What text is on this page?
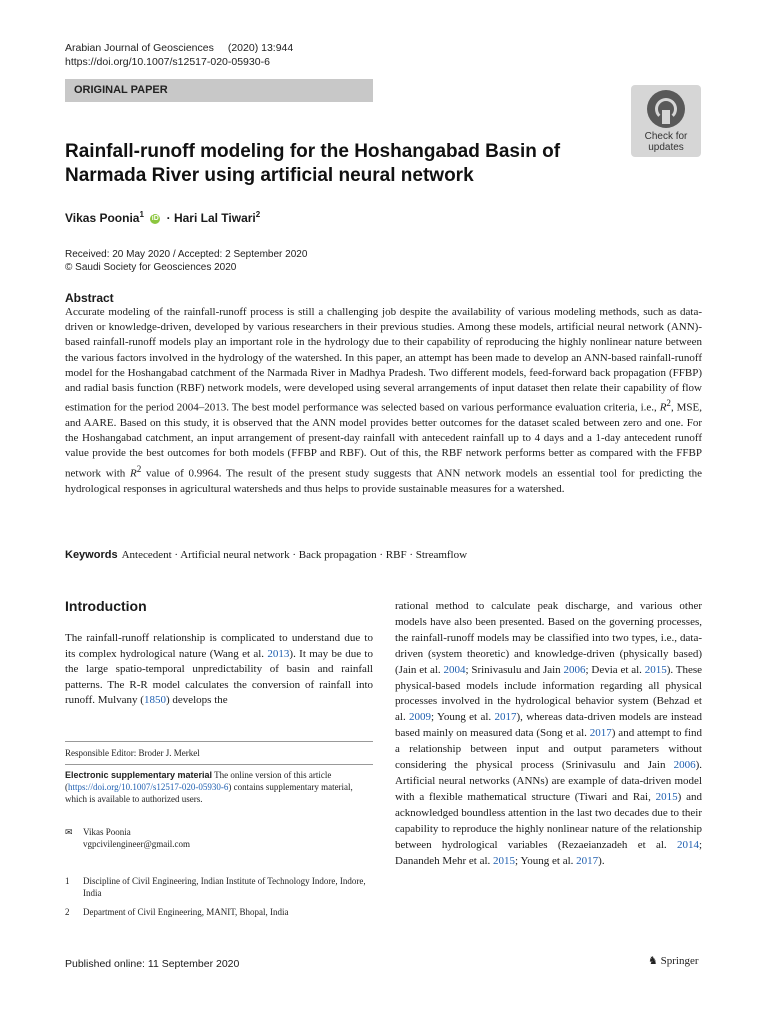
Arabian Journal of Geosciences (2020) 13:944
https://doi.org/10.1007/s12517-020-05930-6
ORIGINAL PAPER
Check for
updates
Rainfall-runoff modeling for the Hoshangabad Basin of Narmada River using artificial neural network
Vikas Poonia$^1$ iD · Hari Lal Tiwari$^2$
Received: 20 May 2020 / Accepted: 2 September 2020
© Saudi Society for Geosciences 2020
Abstract
Accurate modeling of the rainfall-runoff process is still a challenging job despite the availability of various modeling methods, such as data-driven or knowledge-driven, developed by various researchers in their previous studies. Among these models, artificial neural network (ANN)-based rainfall-runoff models play an important role in the hydrology due to their capability of reproducing the highly nonlinear nature between the various factors involved in the hydrology of the watershed. In this paper, an attempt has been made to develop an ANN-based rainfall-runoff model for the Hoshangabad catchment of the Narmada River in Madhya Pradesh. Two different models, feed-forward back propagation (FFBP) and radial basis function (RBF) network models, were developed using several arrangements of input dataset then relate their capability of flow estimation for the period 2004–2013. The best model performance was selected based on various performance evaluation criteria, i.e., $R^2$, MSE, and AARE. Based on this study, it is observed that the ANN model provides better outcomes for the dataset scaled between zero and one. For the Hoshangabad catchment, an input arrangement of present-day rainfall with antecedent rainfall up to 4 days and a 1-day antecedent runoff value provide the best outcomes for both models (FFBP and RBF). Out of this, the RBF network performs better as compared with the FFBP network with $R^2$ value of 0.9964. The result of the present study suggests that ANN network models an essential tool for predicting the hydrological responses in agricultural watersheds and thus helps to provide sustainable measures for a watershed.
Keywords Antecedent · Artificial neural network · Back propagation · RBF · Streamflow
Introduction
The rainfall-runoff relationship is complicated to understand due to its complex hydrological nature (Wang et al. 2013). It may be due to the large spatio-temporal unpredictability of basin and rainfall patterns. The R-R model calculates the conversion of rainfall into runoff. Mulvany (1850) develops the
rational method to calculate peak discharge, and various other models have also been presented. Based on the governing processes, the rainfall-runoff models may be classified into two types, i.e., data-driven (system theoretic) and knowledge-driven (physically based) (Jain et al. 2004; Srinivasulu and Jain 2006; Devia et al. 2015). These physical-based models include information regarding all physical processes involved in the hydrological behavior system (Behzad et al. 2009; Young et al. 2017), whereas data-driven models are instead based mainly on measured data (Song et al. 2017) and attempt to find a relationship between input and output parameters without considering the physical process (Srinivasulu and Jain 2006). Artificial neural networks (ANNs) are example of data-driven model with a flexible mathematical structure (Tiwari and Rai, 2015) and acknowledged boundless attention in the last two decades due to their capability to reproduce the highly nonlinear nature of the relationship between hydrological variables (Rezaeianzadeh et al. 2014; Danandeh Mehr et al. 2015; Young et al. 2017).
Responsible Editor: Broder J. Merkel
Electronic supplementary material The online version of this article (https://doi.org/10.1007/s12517-020-05930-6) contains supplementary material, which is available to authorized users.
✉ Vikas Poonia
vgpcivilengineer@gmail.com
1 Discipline of Civil Engineering, Indian Institute of Technology Indore, Indore, India
2 Department of Civil Engineering, MANIT, Bhopal, India
Published online: 11 September 2020	♞ Springer
